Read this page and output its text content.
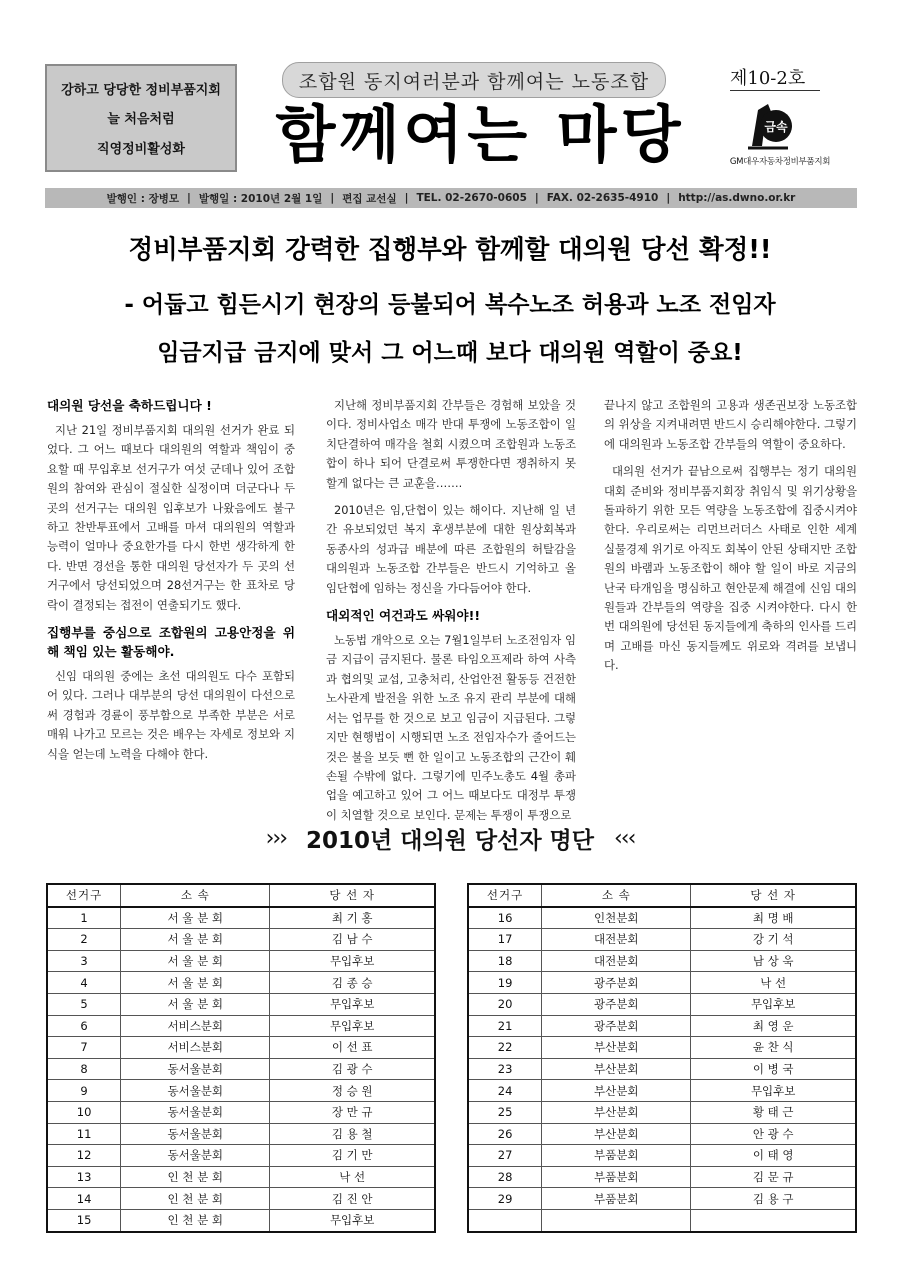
강하고 당당한 정비부품지회
늘 처음처럼
직영정비활성화
조합원 동지여러분과 함께여는 노동조합
함께여는 마당
제10-2호
금속
GM대우자동차정비부품지회
발행인 : 장병모 | 발행일 : 2010년 2월 1일 | 편집 교선실 | TEL. 02-2670-0605 | FAX. 02-2635-4910 | http://as.dwno.or.kr
정비부품지회 강력한 집행부와 함께할 대의원 당선 확정!!
- 어둡고 힘든시기 현장의 등불되어 복수노조 허용과 노조 전임자
임금지급 금지에 맞서 그 어느때 보다 대의원 역할이 중요!
대의원 당선을 축하드립니다 !

지난 21일 정비부품지회 대의원 선거가 완료 되었다. 그 어느 때보다 대의원의 역할과 책임이 중요할 때 무입후보 선거구가 여섯 군데나 있어 조합원의 참여와 관심이 절실한 실정이며 더군다나 두 곳의 선거구는 대의원 입후보가 나왔음에도 불구하고 찬반투표에서 고배를 마셔 대의원의 역할과 능력이 얼마나 중요한가를 다시 한번 생각하게 한다. 반면 경선을 통한 대의원 당선자가 두 곳의 선거구에서 당선되었으며 28선거구는 한 표차로 당락이 결정되는 접전이 연출되기도 했다.

집행부를 중심으로 조합원의 고용안정을 위해 책임 있는 활동해야.

신임 대의원 중에는 초선 대의원도 다수 포함되어 있다. 그러나 대부분의 당선 대의원이 다선으로써 경험과 경륜이 풍부함으로 부족한 부분은 서로 매워 나가고 모르는 것은 배우는 자세로 정보와 지식을 얻는데 노력을 다해야 한다.

지난해 정비부품지회 간부들은 경험해 보았을 것이다. 정비사업소 매각 반대 투쟁에 노동조합이 일치단결하여 매각을 철회 시켰으며 조합원과 노동조합이 하나 되어 단결로써 투쟁한다면 쟁취하지 못 할게 없다는 큰 교훈을…….

2010년은 임,단협이 있는 해이다. 지난해 일 년간 유보되었던 복지 후생부분에 대한 원상회복과 동종사의 성과급 배분에 따른 조합원의 허탈감을 대의원과 노동조합 간부들은 반드시 기억하고 올 임단협에 임하는 정신을 가다듬어야 한다.

대외적인 여건과도 싸워야!!

노동법 개악으로 오는 7월1일부터 노조전임자 임금 지급이 금지된다. 물론 타임오프제라 하여 사측과 협의및 교섭, 고충처리, 산업안전 활동등 건전한 노사관계 발전을 위한 노조 유지 관리 부분에 대해서는 업무를 한 것으로 보고 임금이 지급된다. 그렇지만 현행법이 시행되면 노조 전임자수가 줄어드는 것은 불을 보듯 뻔 한 일이고 노동조합의 근간이 훼손될 수밖에 없다. 그렇기에 민주노총도 4월 총파업을 예고하고 있어 그 어느 때보다도 대정부 투쟁이 치열할 것으로 보인다. 문제는 투쟁이 투쟁으로

끝나지 않고 조합원의 고용과 생존권보장 노동조합의 위상을 지켜내려면 반드시 승리해야한다. 그렇기에 대의원과 노동조합 간부들의 역할이 중요하다.

대의원 선거가 끝남으로써 집행부는 정기 대의원대회 준비와 정비부품지회장 취임식 및 위기상황을 돌파하기 위한 모든 역량을 노동조합에 집중시켜야 한다. 우리로써는 리먼브러더스 사태로 인한 세계 실물경제 위기로 아직도 회복이 안된 상태지만 조합원의 바램과 노동조합이 해야 할 일이 바로 지금의 난국 타개임을 명심하고 현안문제 해결에 신임 대의원들과 간부들의 역량을 집중 시켜야한다. 다시 한 번 대의원에 당선된 동지들에게 축하의 인사를 드리며 고배를 마신 동지들께도 위로와 격려를 보냅니다.

››› 2010년 대의원 당선자 명단 ‹‹‹
선거구	소 속	당 선 자
1	서 울 분 회	최 기 홍
2	서 울 분 회	김 남 수
3	서 울 분 회	무입후보
4	서 울 분 회	김 종 승
5	서 울 분 회	무입후보
6	서비스분회	무입후보
7	서비스분회	이 선 표
8	동서울분회	김 광 수
9	동서울분회	정 승 원
10	동서울분회	장 만 규
11	동서울분회	김 용 철
12	동서울분회	김 기 만
13	인 천 분 회	낙 선
14	인 천 분 회	김 진 안
15	인 천 분 회	무입후보
선거구	소 속	당 선 자
16	인천분회	최 명 배
17	대전분회	강 기 석
18	대전분회	남 상 욱
19	광주분회	낙 선
20	광주분회	무입후보
21	광주분회	최 영 운
22	부산분회	윤 찬 식
23	부산분회	이 병 국
24	부산분회	무입후보
25	부산분회	황 태 근
26	부산분회	안 광 수
27	부품분회	이 태 영
28	부품분회	김 문 규
29	부품분회	김 용 구
